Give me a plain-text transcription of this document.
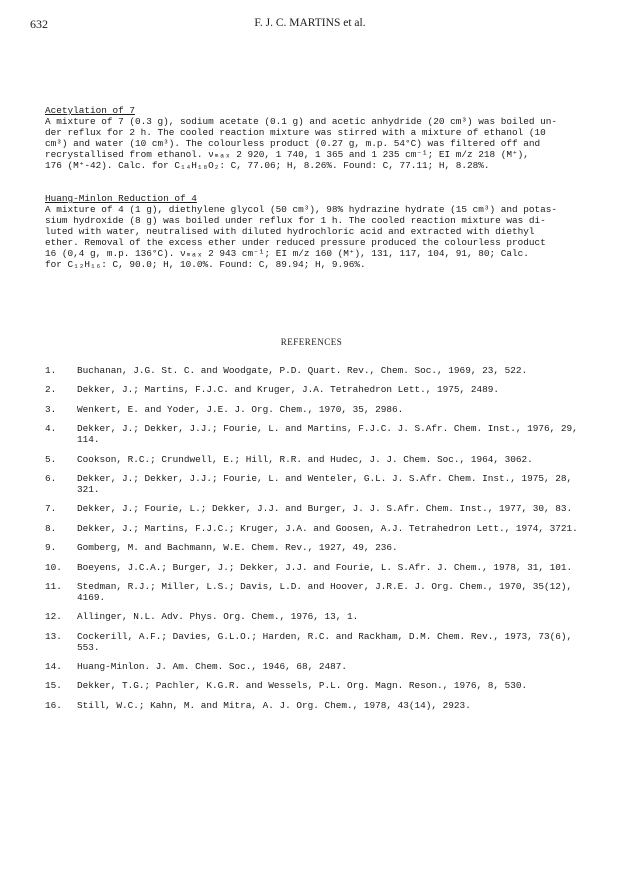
632	F. J. C. MARTINS et al.
Acetylation of 7
A mixture of 7 (0.3 g), sodium acetate (0.1 g) and acetic anhydride (20 cm³) was boiled un-
der reflux for 2 h. The cooled reaction mixture was stirred with a mixture of ethanol (10
cm³) and water (10 cm³). The colourless product (0.27 g, m.p. 54°C) was filtered off and
recrystallised from ethanol. νₘₐₓ 2 920, 1 740, 1 365 and 1 235 cm⁻¹; EI m/z 218 (M⁺),
176 (M⁺-42). Calc. for C₁₄H₁₈O₂: C, 77.06; H, 8.26%. Found: C, 77.11; H, 8.28%.
Huang-Minlon Reduction of 4
A mixture of 4 (1 g), diethylene glycol (50 cm³), 98% hydrazine hydrate (15 cm³) and potas-
sium hydroxide (8 g) was boiled under reflux for 1 h. The cooled reaction mixture was di-
luted with water, neutralised with diluted hydrochloric acid and extracted with diethyl
ether. Removal of the excess ether under reduced pressure produced the colourless product
16 (0,4 g, m.p. 136°C). νₘₐₓ 2 943 cm⁻¹; EI m/z 160 (M⁺), 131, 117, 104, 91, 80; Calc.
for C₁₂H₁₆: C, 90.0; H, 10.0%. Found: C, 89.94; H, 9.96%.
REFERENCES
1.	Buchanan, J.G. St. C. and Woodgate, P.D. Quart. Rev., Chem. Soc., 1969, 23, 522.
2.	Dekker, J.; Martins, F.J.C. and Kruger, J.A. Tetrahedron Lett., 1975, 2489.
3.	Wenkert, E. and Yoder, J.E. J. Org. Chem., 1970, 35, 2986.
4.	Dekker, J.; Dekker, J.J.; Fourie, L. and Martins, F.J.C. J. S.Afr. Chem. Inst., 1976, 29, 114.
5.	Cookson, R.C.; Crundwell, E.; Hill, R.R. and Hudec, J. J. Chem. Soc., 1964, 3062.
6.	Dekker, J.; Dekker, J.J.; Fourie, L. and Wenteler, G.L. J. S.Afr. Chem. Inst., 1975, 28, 321.
7.	Dekker, J.; Fourie, L.; Dekker, J.J. and Burger, J. J. S.Afr. Chem. Inst., 1977, 30, 83.
8.	Dekker, J.; Martins, F.J.C.; Kruger, J.A. and Goosen, A.J. Tetrahedron Lett., 1974, 3721.
9.	Gomberg, M. and Bachmann, W.E. Chem. Rev., 1927, 49, 236.
10.	Boeyens, J.C.A.; Burger, J.; Dekker, J.J. and Fourie, L. S.Afr. J. Chem., 1978, 31, 101.
11.	Stedman, R.J.; Miller, L.S.; Davis, L.D. and Hoover, J.R.E. J. Org. Chem., 1970, 35(12), 4169.
12.	Allinger, N.L. Adv. Phys. Org. Chem., 1976, 13, 1.
13.	Cockerill, A.F.; Davies, G.L.O.; Harden, R.C. and Rackham, D.M. Chem. Rev., 1973, 73(6), 553.
14.	Huang-Minlon. J. Am. Chem. Soc., 1946, 68, 2487.
15.	Dekker, T.G.; Pachler, K.G.R. and Wessels, P.L. Org. Magn. Reson., 1976, 8, 530.
16.	Still, W.C.; Kahn, M. and Mitra, A. J. Org. Chem., 1978, 43(14), 2923.
